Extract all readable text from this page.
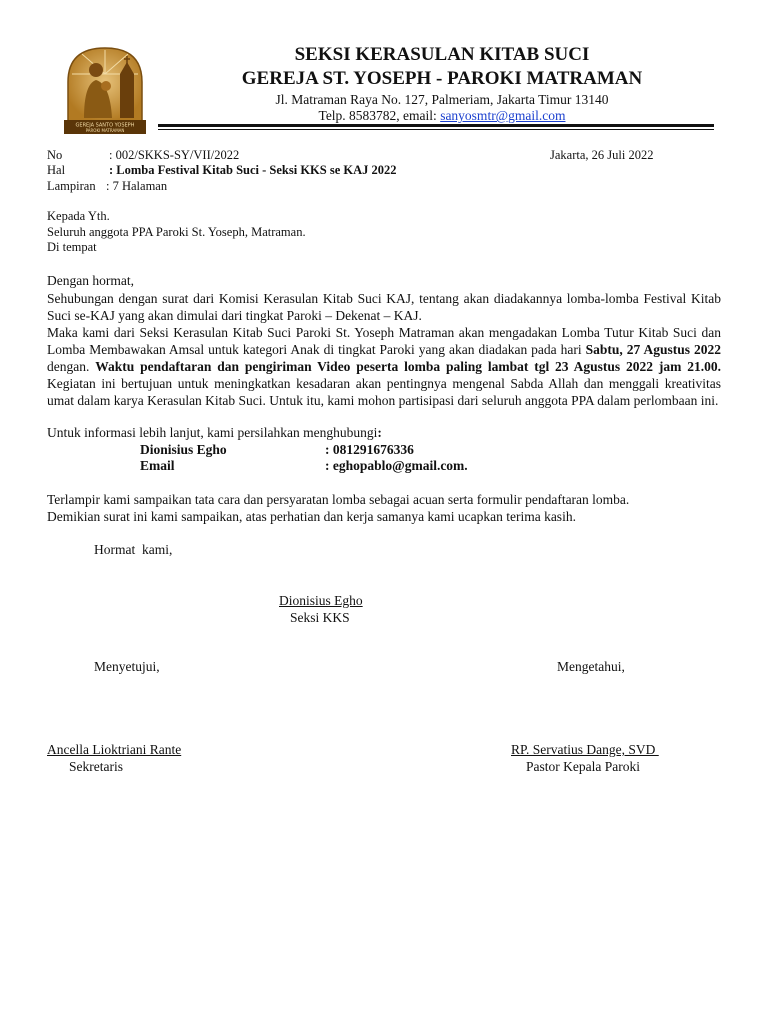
GEREJA SANTO YOSEPH
PAROKI MATRAMAN
SEKSI KERASULAN KITAB SUCI
GEREJA ST. YOSEPH - PAROKI MATRAMAN
Jl. Matraman Raya No. 127, Palmeriam, Jakarta Timur 13140
Telp. 8583782, email: sanyosmtr@gmail.com
No	: 002/SKKS-SY/VII/2022	Jakarta, 26 Juli 2022
Hal	: Lomba Festival Kitab Suci - Seksi KKS se KAJ 2022
Lampiran : 7 Halaman
Kepada Yth.
Seluruh anggota PPA Paroki St. Yoseph, Matraman.
Di tempat
Dengan hormat,
Sehubungan dengan surat dari Komisi Kerasulan Kitab Suci KAJ, tentang akan diadakannya lomba-lomba Festival Kitab Suci se-KAJ yang akan dimulai dari tingkat Paroki – Dekenat – KAJ.
Maka kami dari Seksi Kerasulan Kitab Suci Paroki St. Yoseph Matraman akan mengadakan Lomba Tutur Kitab Suci dan Lomba Membawakan Amsal untuk kategori Anak di tingkat Paroki yang akan diadakan pada hari Sabtu, 27 Agustus 2022 dengan. Waktu pendaftaran dan pengiriman Video peserta lomba paling lambat tgl 23 Agustus 2022 jam 21.00. Kegiatan ini bertujuan untuk meningkatkan kesadaran akan pentingnya mengenal Sabda Allah dan menggali kreativitas umat dalam karya Kerasulan Kitab Suci. Untuk itu, kami mohon partisipasi dari seluruh anggota PPA dalam perlombaan ini.
Untuk informasi lebih lanjut, kami persilahkan menghubungi:
Dionisius Egho	: 081291676336
Email	: eghopablo@gmail.com.
Terlampir kami sampaikan tata cara dan persyaratan lomba sebagai acuan serta formulir pendaftaran lomba.
Demikian surat ini kami sampaikan, atas perhatian dan kerja samanya kami ucapkan terima kasih.
Hormat  kami,
Dionisius Egho
Seksi KKS
Menyetujui,	Mengetahui,
Ancella Lioktriani Rante
Sekretaris
RP. Servatius Dange, SVD
Pastor Kepala Paroki
